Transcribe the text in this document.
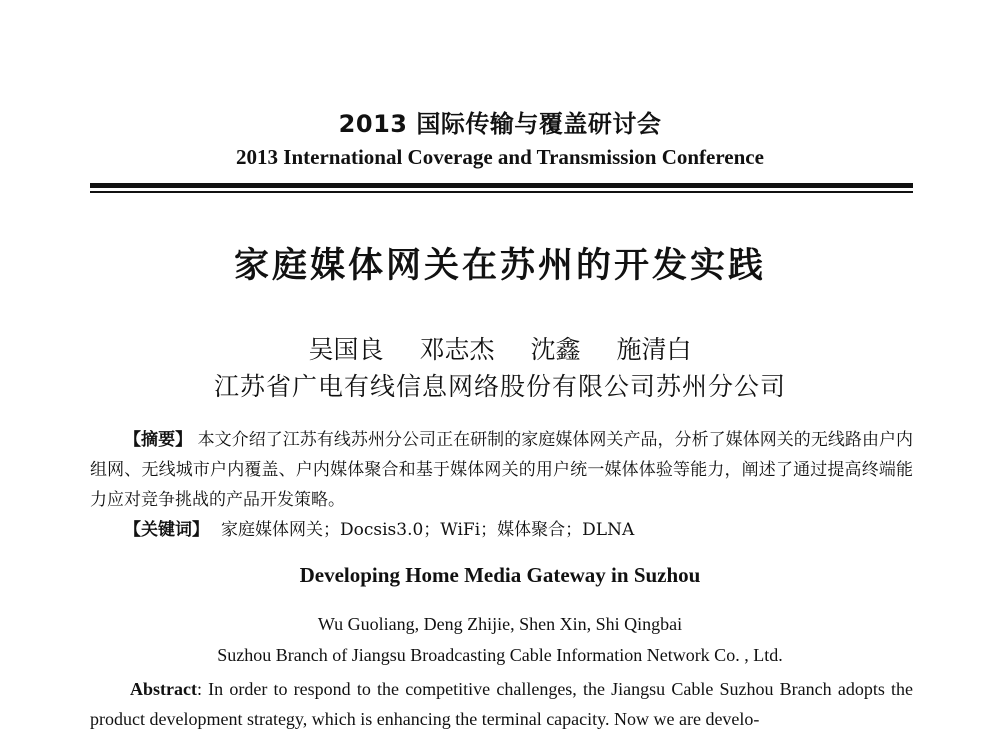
2013 国际传输与覆盖研讨会
2013 International Coverage and Transmission Conference
家庭媒体网关在苏州的开发实践
吴国良 邓志杰 沈鑫 施清白
江苏省广电有线信息网络股份有限公司苏州分公司
【摘要】 本文介绍了江苏有线苏州分公司正在研制的家庭媒体网关产品，分析了媒体网关的无线路由户内组网、无线城市户内覆盖、户内媒体聚合和基于媒体网关的用户统一媒体体验等能力，阐述了通过提高终端能力应对竞争挑战的产品开发策略。
【关键词】 家庭媒体网关；Docsis3.0；WiFi；媒体聚合；DLNA
Developing Home Media Gateway in Suzhou
Wu Guoliang, Deng Zhijie, Shen Xin, Shi Qingbai
Suzhou Branch of Jiangsu Broadcasting Cable Information Network Co. , Ltd.
Abstract: In order to respond to the competitive challenges, the Jiangsu Cable Suzhou Branch adopts the product development strategy, which is enhancing the terminal capacity. Now we are develo-
